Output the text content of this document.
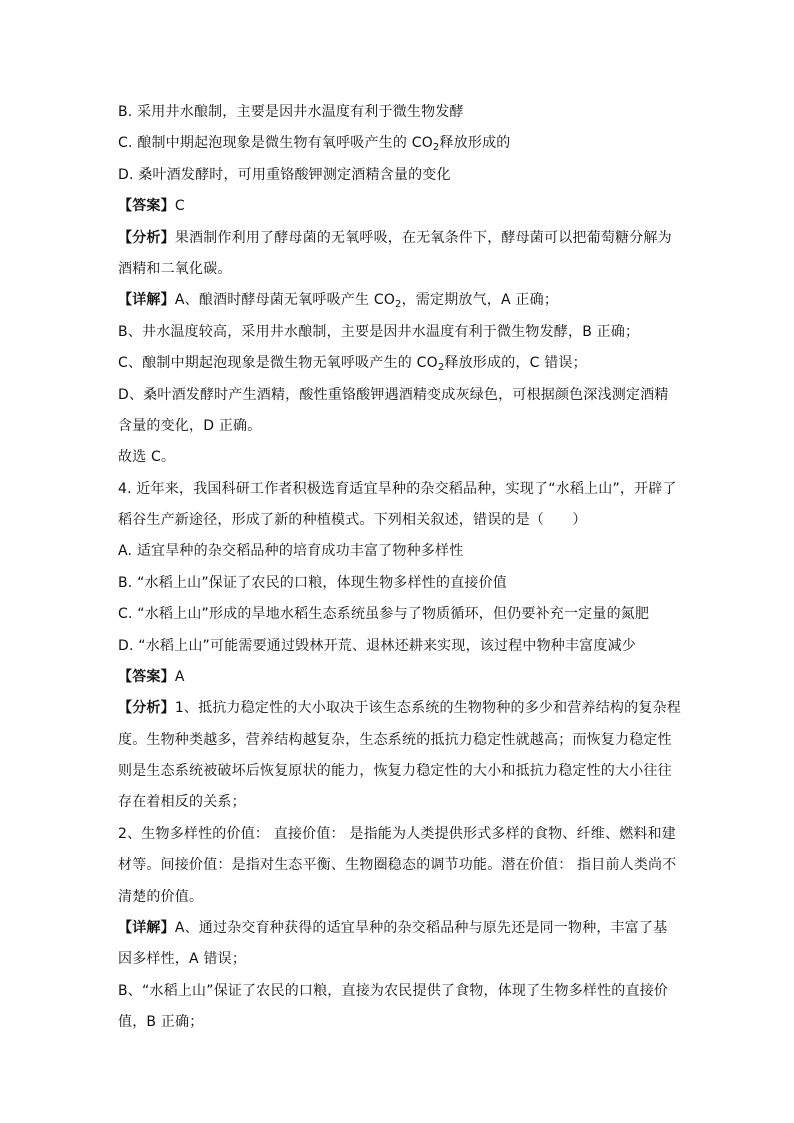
B. 采用井水酿制，主要是因井水温度有利于微生物发酵
C. 酿制中期起泡现象是微生物有氧呼吸产生的 $CO_2$释放形成的
D. 桑叶酒发酵时，可用重铬酸钾测定酒精含量的变化
【答案】C
【分析】果酒制作利用了酵母菌的无氧呼吸，在无氧条件下，酵母菌可以把葡萄糖分解为
酒精和二氧化碳。
【详解】A、酿酒时酵母菌无氧呼吸产生 $CO_2$，需定期放气，A 正确；
B、井水温度较高，采用井水酿制，主要是因井水温度有利于微生物发酵，B 正确；
C、酿制中期起泡现象是微生物无氧呼吸产生的 $CO_2$释放形成的，C 错误；
D、桑叶酒发酵时产生酒精，酸性重铬酸钾遇酒精变成灰绿色，可根据颜色深浅测定酒精
含量的变化，D 正确。
故选 C。
4. 近年来，我国科研工作者积极选育适宜旱种的杂交稻品种，实现了“水稻上山”，开辟了
稻谷生产新途径，形成了新的种植模式。下列相关叙述，错误的是（　　）
A. 适宜旱种的杂交稻品种的培育成功丰富了物种多样性
B. “水稻上山”保证了农民的口粮，体现生物多样性的直接价值
C. “水稻上山”形成的旱地水稻生态系统虽参与了物质循环，但仍要补充一定量的氮肥
D. “水稻上山”可能需要通过毁林开荒、退林还耕来实现，该过程中物种丰富度减少
【答案】A
【分析】1、抵抗力稳定性的大小取决于该生态系统的生物物种的多少和营养结构的复杂程
度。生物种类越多，营养结构越复杂，生态系统的抵抗力稳定性就越高；而恢复力稳定性
则是生态系统被破坏后恢复原状的能力，恢复力稳定性的大小和抵抗力稳定性的大小往往
存在着相反的关系；
2、生物多样性的价值： 直接价值： 是指能为人类提供形式多样的食物、纤维、燃料和建
材等。间接价值：是指对生态平衡、生物圈稳态的调节功能。潜在价值： 指目前人类尚不
清楚的价值。
【详解】A、通过杂交育种获得的适宜旱种的杂交稻品种与原先还是同一物种，丰富了基
因多样性，A 错误；
B、“水稻上山”保证了农民的口粮，直接为农民提供了食物，体现了生物多样性的直接价
值，B 正确；
